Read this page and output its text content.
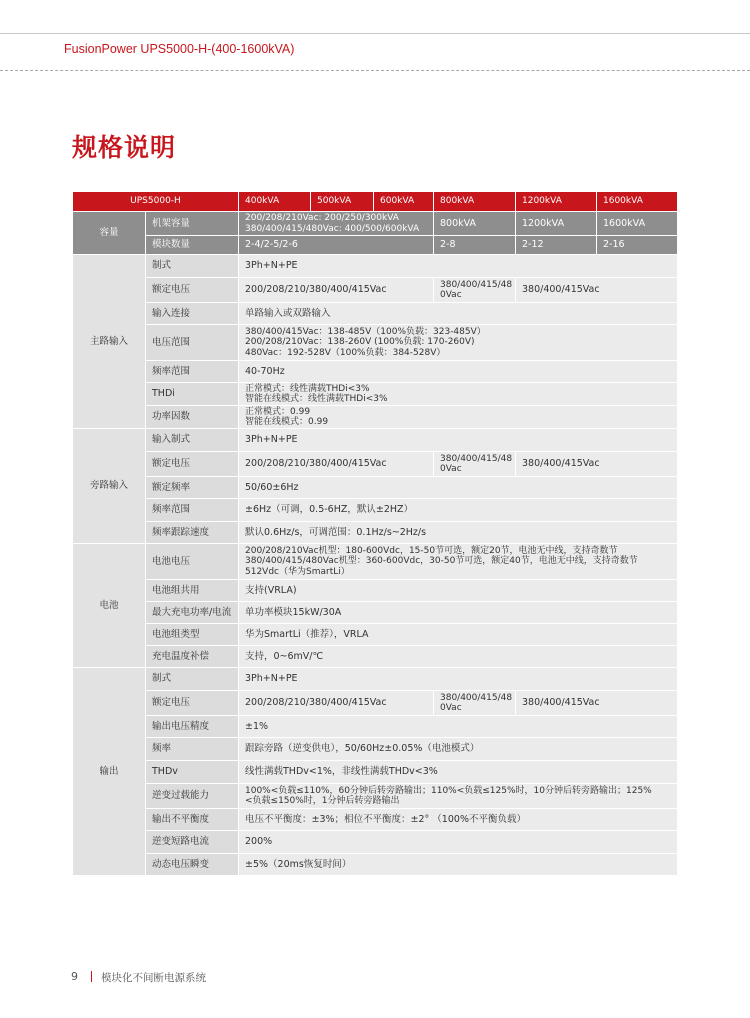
FusionPower UPS5000-H-(400-1600kVA)
规格说明
UPS5000-H		400kVA	500kVA	600kVA	800kVA	1200kVA	1600kVA
容量	机架容量	200/208/210Vac: 200/250/300kVA
380/400/415/480Vac: 400/500/600kVA			800kVA	1200kVA	1600kVA
	模块数量	2-4/2-5/2-6			2-8	2-12	2-16
主路输入	制式	3Ph+N+PE					
	额定电压	200/208/210/380/400/415Vac			380/400/415/48
0Vac	380/400/415Vac	
	输入连接	单路输入或双路输入					
	电压范围	380/400/415Vac：138-485V（100%负载：323-485V）
200/208/210Vac：138-260V (100%负载: 170-260V)
480Vac：192-528V（100%负载：384-528V）					
	频率范围	40-70Hz					
	THDi	正常模式：线性满载THDi<3%
智能在线模式：线性满载THDi<3%					
	功率因数	正常模式：0.99
智能在线模式：0.99					
旁路输入	输入制式	3Ph+N+PE					
	额定电压	200/208/210/380/400/415Vac			380/400/415/48
0Vac	380/400/415Vac	
	额定频率	50/60±6Hz					
	频率范围	±6Hz（可调，0.5-6HZ，默认±2HZ）					
	频率跟踪速度	默认0.6Hz/s，可调范围：0.1Hz/s~2Hz/s					
电池	电池电压	200/208/210Vac机型：180-600Vdc，15-50节可选，额定20节，电池无中线，支持奇数节
380/400/415/480Vac机型：360-600Vdc，30-50节可选，额定40节，电池无中线，支持奇数节
512Vdc（华为SmartLi）					
	电池组共用	支持(VRLA)					
	最大充电功率/电流	单功率模块15kW/30A					
	电池组类型	华为SmartLi（推荐），VRLA					
	充电温度补偿	支持，0~6mV/℃					
输出	制式	3Ph+N+PE					
	额定电压	200/208/210/380/400/415Vac			380/400/415/48
0Vac	380/400/415Vac	
	输出电压精度	±1%					
	频率	跟踪旁路（逆变供电），50/60Hz±0.05%（电池模式）					
	THDv	线性满载THDv<1%，非线性满载THDv<3%					
	逆变过载能力	100%<负载≤110%，60分钟后转旁路输出；110%<负载≤125%时，10分钟后转旁路输出；125%
<负载≤150%时，1分钟后转旁路输出					
	输出不平衡度	电压不平衡度：±3%；相位不平衡度：±2° （100%不平衡负载）					
	逆变短路电流	200%					
	动态电压瞬变	±5%（20ms恢复时间）					
9 模块化不间断电源系统
